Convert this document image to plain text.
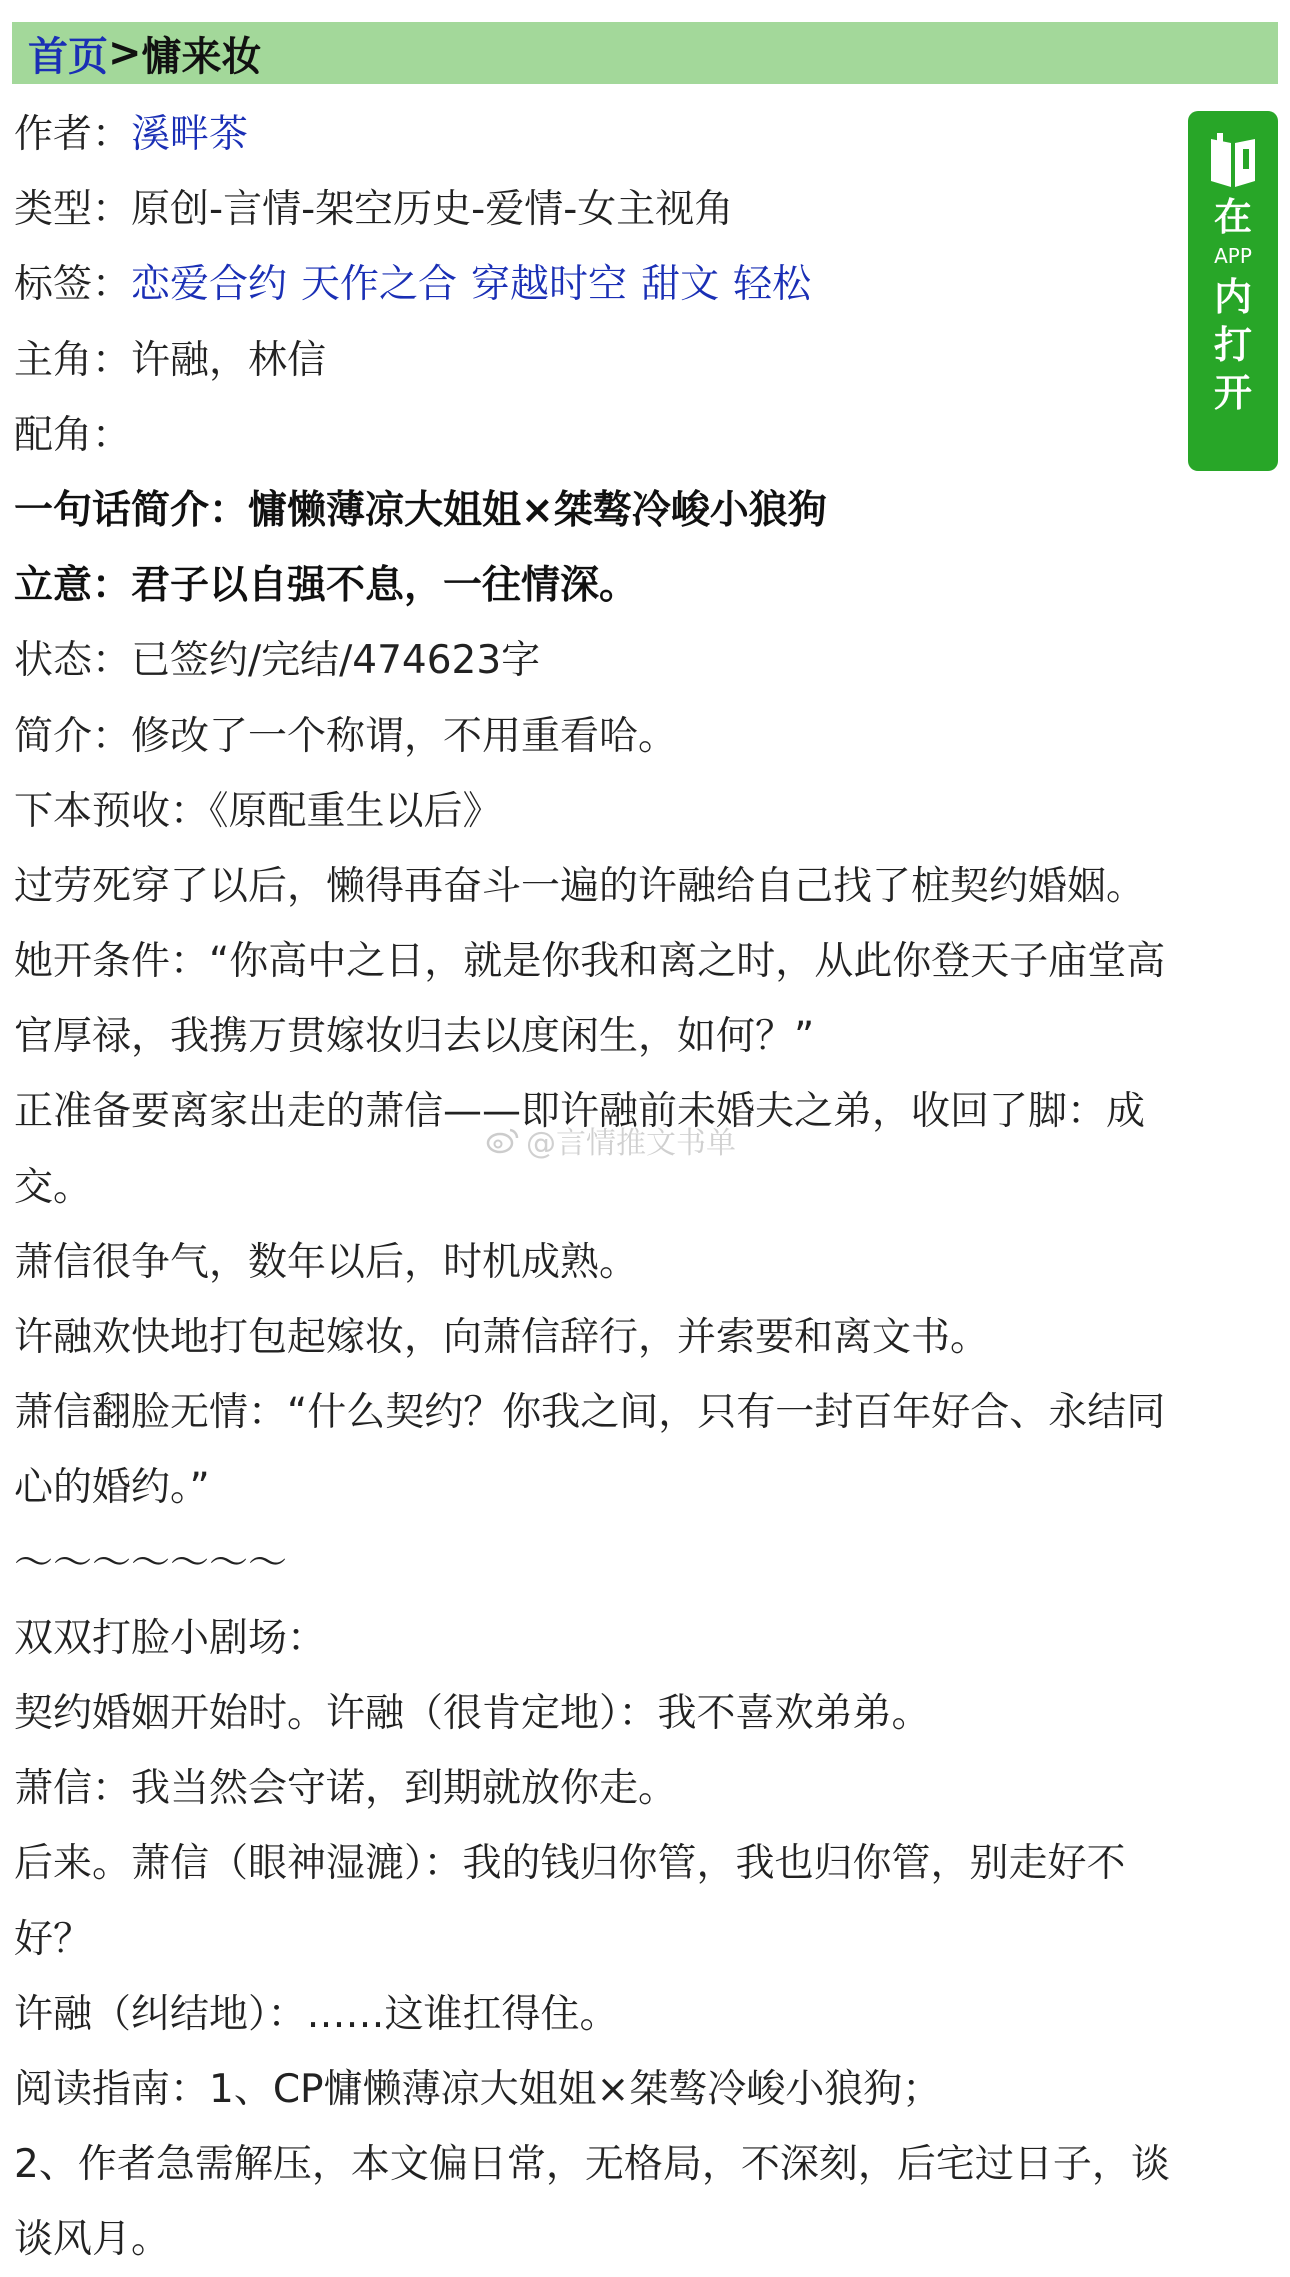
首页 > 慵来妆
作者：溪畔茶
类型：原创-言情-架空历史-爱情-女主视角
标签：恋爱合约 天作之合 穿越时空 甜文 轻松
主角：许融，林信
配角：
一句话简介：慵懒薄凉大姐姐×桀骜冷峻小狼狗
立意：君子以自强不息，一往情深。
状态：已签约/完结/474623字
简介：修改了一个称谓，不用重看哈。
下本预收：《原配重生以后》
过劳死穿了以后，懒得再奋斗一遍的许融给自己找了桩契约婚姻。
她开条件：“你高中之日，就是你我和离之时，从此你登天子庙堂高
官厚禄，我携万贯嫁妆归去以度闲生，如何？”
正准备要离家出走的萧信——即许融前未婚夫之弟，收回了脚：成
交。
萧信很争气，数年以后，时机成熟。
许融欢快地打包起嫁妆，向萧信辞行，并索要和离文书。
萧信翻脸无情：“什么契约？你我之间，只有一封百年好合、永结同
心的婚约。”
～～～～～～～
双双打脸小剧场：
契约婚姻开始时。许融（很肯定地）：我不喜欢弟弟。
萧信：我当然会守诺，到期就放你走。
后来。萧信（眼神湿漉）：我的钱归你管，我也归你管，别走好不
好？
许融（纠结地）：……这谁扛得住。
阅读指南：1、CP慵懒薄凉大姐姐×桀骜冷峻小狼狗；
2、作者急需解压，本文偏日常，无格局，不深刻，后宅过日子，谈
谈风月。
在
APP
内
打
开
@言情推文书单
